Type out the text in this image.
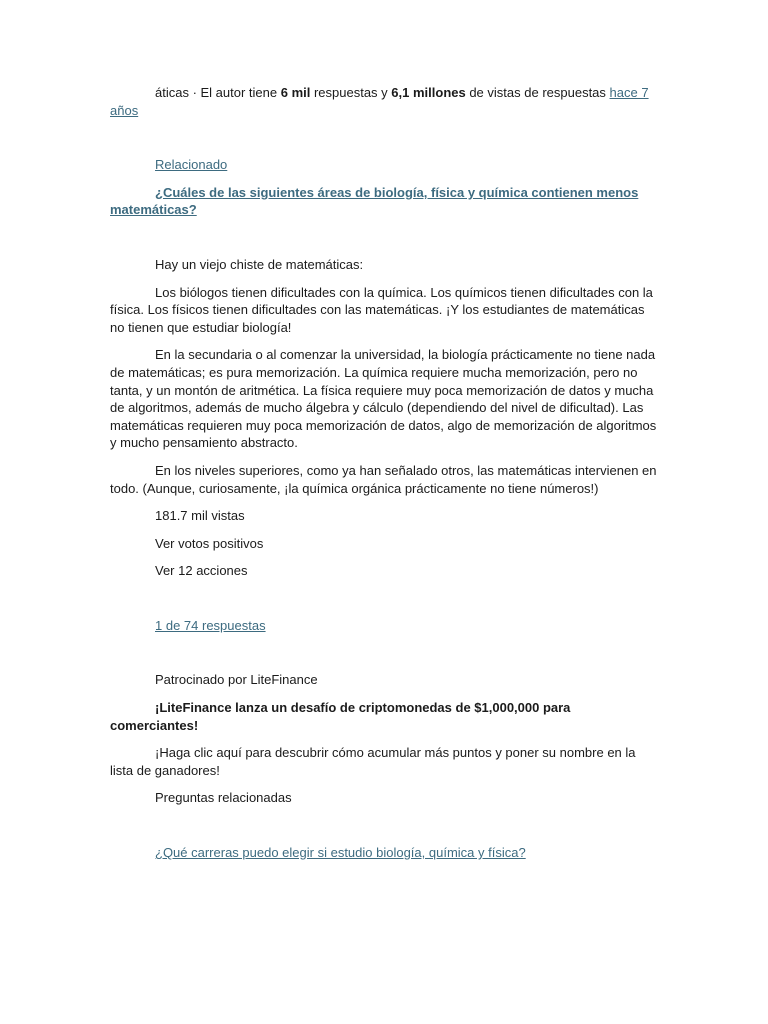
áticas · El autor tiene 6 mil respuestas y 6,1 millones de vistas de respuestas hace 7 años

Relacionado

¿Cuáles de las siguientes áreas de biología, física y química contienen menos matemáticas?

Hay un viejo chiste de matemáticas:

Los biólogos tienen dificultades con la química. Los químicos tienen dificultades con la física. Los físicos tienen dificultades con las matemáticas. ¡Y los estudiantes de matemáticas no tienen que estudiar biología!

En la secundaria o al comenzar la universidad, la biología prácticamente no tiene nada de matemáticas; es pura memorización. La química requiere mucha memorización, pero no tanta, y un montón de aritmética. La física requiere muy poca memorización de datos y mucha de algoritmos, además de mucho álgebra y cálculo (dependiendo del nivel de dificultad). Las matemáticas requieren muy poca memorización de datos, algo de memorización de algoritmos y mucho pensamiento abstracto.

En los niveles superiores, como ya han señalado otros, las matemáticas intervienen en todo. (Aunque, curiosamente, ¡la química orgánica prácticamente no tiene números!)

181.7 mil vistas

Ver votos positivos

Ver 12 acciones

1 de 74 respuestas

Patrocinado por LiteFinance

¡LiteFinance lanza un desafío de criptomonedas de $1,000,000 para comerciantes!

¡Haga clic aquí para descubrir cómo acumular más puntos y poner su nombre en la lista de ganadores!

Preguntas relacionadas

¿Qué carreras puedo elegir si estudio biología, química y física?
